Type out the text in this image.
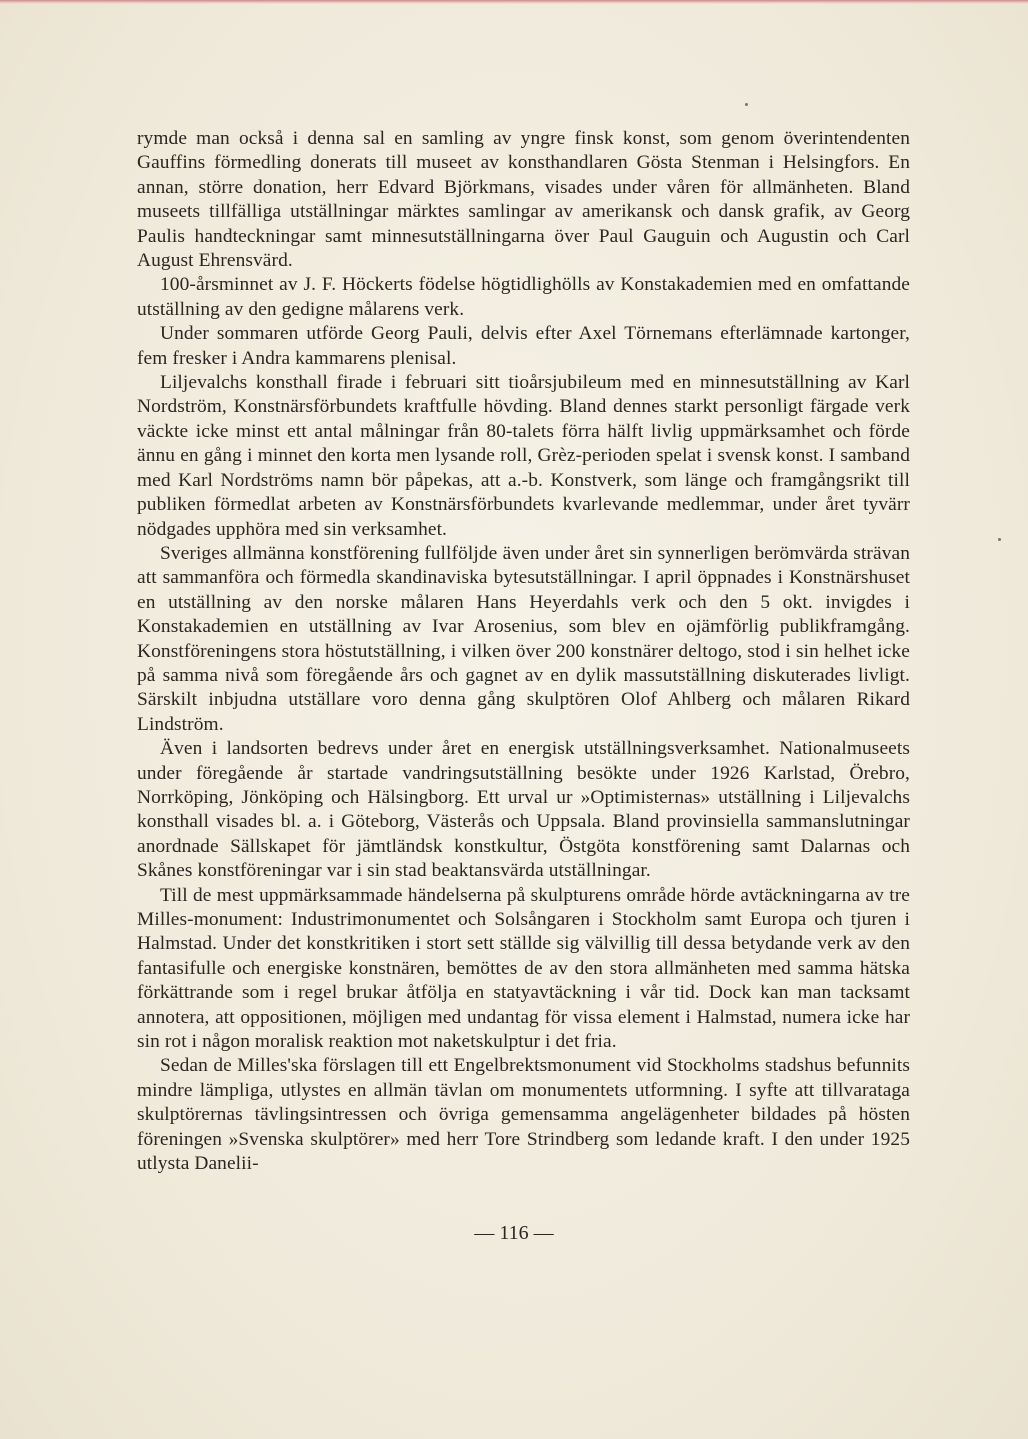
rymde man också i denna sal en samling av yngre finsk konst, som genom överintendenten Gauffins förmedling donerats till museet av konsthandlaren Gösta Stenman i Helsingfors. En annan, större donation, herr Edvard Björkmans, visades under våren för allmänheten. Bland museets tillfälliga utställningar märktes samlingar av amerikansk och dansk grafik, av Georg Paulis handteckningar samt minnesutställningarna över Paul Gauguin och Augustin och Carl August Ehrensvärd.

100-årsminnet av J. F. Höckerts födelse högtidlighölls av Konstakademien med en omfattande utställning av den gedigne målarens verk.

Under sommaren utförde Georg Pauli, delvis efter Axel Törnemans efterlämnade kartonger, fem fresker i Andra kammarens plenisal.

Liljevalchs konsthall firade i februari sitt tioårsjubileum med en minnesutställning av Karl Nordström, Konstnärsförbundets kraftfulle hövding. Bland dennes starkt personligt färgade verk väckte icke minst ett antal målningar från 80-talets förra hälft livlig uppmärksamhet och förde ännu en gång i minnet den korta men lysande roll, Grèz-perioden spelat i svensk konst. I samband med Karl Nordströms namn bör påpekas, att a.-b. Konstverk, som länge och framgångsrikt till publiken förmedlat arbeten av Konstnärsförbundets kvarlevande medlemmar, under året tyvärr nödgades upphöra med sin verksamhet.

Sveriges allmänna konstförening fullföljde även under året sin synnerligen berömvärda strävan att sammanföra och förmedla skandinaviska bytesutställningar. I april öppnades i Konstnärshuset en utställning av den norske målaren Hans Heyerdahls verk och den 5 okt. invigdes i Konstakademien en utställning av Ivar Arosenius, som blev en ojämförlig publikframgång. Konstföreningens stora höstutställning, i vilken över 200 konstnärer deltogo, stod i sin helhet icke på samma nivå som föregående års och gagnet av en dylik massutställning diskuterades livligt. Särskilt inbjudna utställare voro denna gång skulptören Olof Ahlberg och målaren Rikard Lindström.

Även i landsorten bedrevs under året en energisk utställningsverksamhet. Nationalmuseets under föregående år startade vandringsutställning besökte under 1926 Karlstad, Örebro, Norrköping, Jönköping och Hälsingborg. Ett urval ur »Optimisternas» utställning i Liljevalchs konsthall visades bl. a. i Göteborg, Västerås och Uppsala. Bland provinsiella sammanslutningar anordnade Sällskapet för jämtländsk konstkultur, Östgöta konstförening samt Dalarnas och Skånes konstföreningar var i sin stad beaktansvärda utställningar.

Till de mest uppmärksammade händelserna på skulpturens område hörde avtäckningarna av tre Milles-monument: Industrimonumentet och Solsångaren i Stockholm samt Europa och tjuren i Halmstad. Under det konstkritiken i stort sett ställde sig välvillig till dessa betydande verk av den fantasifulle och energiske konstnären, bemöttes de av den stora allmänheten med samma hätska förkättrande som i regel brukar åtfölja en statyavtäckning i vår tid. Dock kan man tacksamt annotera, att oppositionen, möjligen med undantag för vissa element i Halmstad, numera icke har sin rot i någon moralisk reaktion mot naketskulptur i det fria.

Sedan de Milles'ska förslagen till ett Engelbrektsmonument vid Stockholms stadshus befunnits mindre lämpliga, utlystes en allmän tävlan om monumentets utformning. I syfte att tillvarataga skulptörernas tävlingsintressen och övriga gemensamma angelägenheter bildades på hösten föreningen »Svenska skulptörer» med herr Tore Strindberg som ledande kraft. I den under 1925 utlysta Danelii-

— 116 —
